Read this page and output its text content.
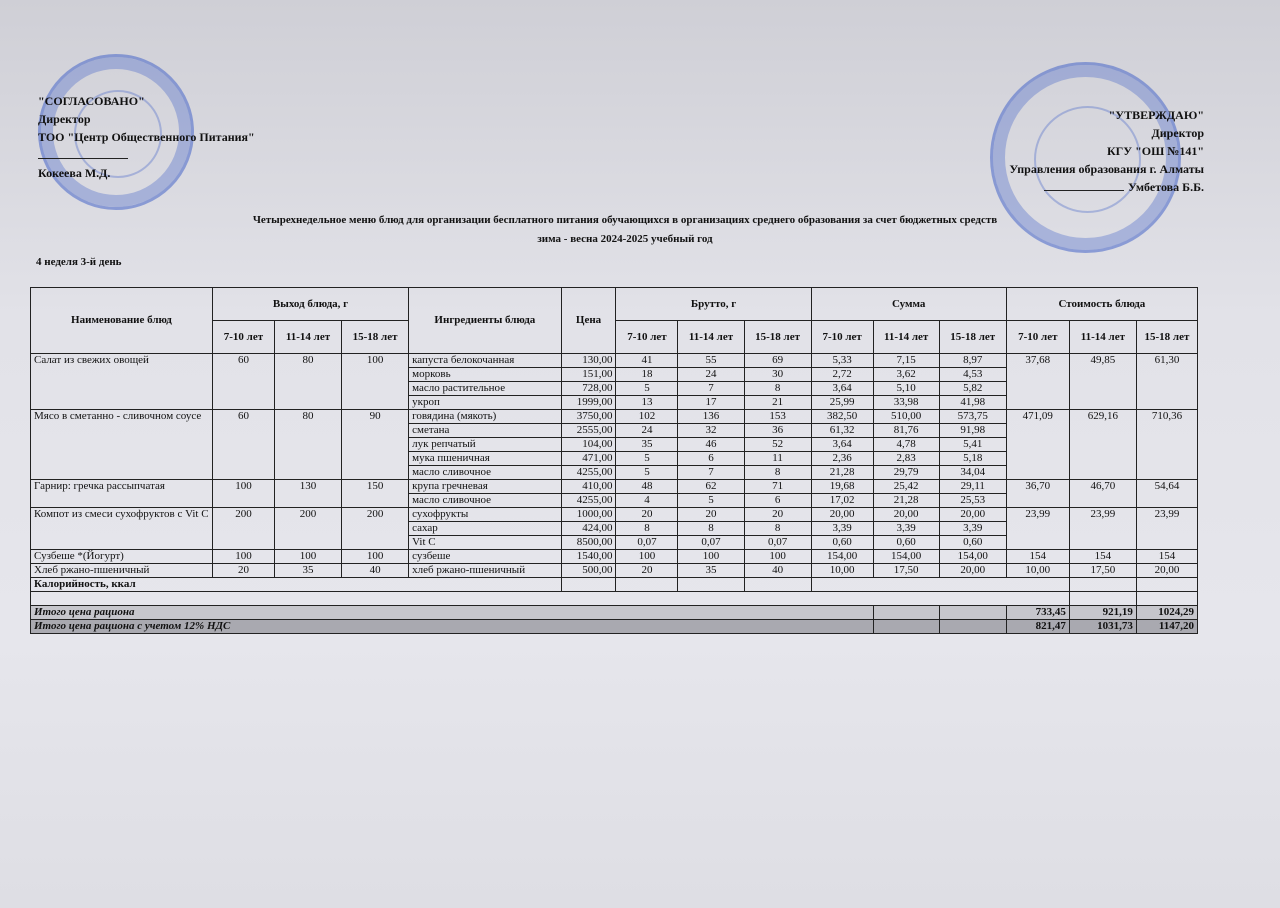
"СОГЛАСОВАНО"
Директор
ТОО "Центр Общественного Питания"
Кокеева М.Д.
"УТВЕРЖДАЮ"
Директор
КГУ "ОШ №141"
Управления образования г. Алматы
Умбетова Б.Б.
Четырехнедельное меню блюд для организации бесплатного питания обучающихся в организациях среднего образования за счет бюджетных средств
зима - весна 2024-2025 учебный год
4 неделя 3-й день
Наименование блюд	Выход блюда, г			Ингредиенты блюда	Цена	Брутто, г			Сумма			Стоимость блюда		
	7-10 лет	11-14 лет	15-18 лет			7-10 лет	11-14 лет	15-18 лет	7-10 лет	11-14 лет	15-18 лет	7-10 лет	11-14 лет	15-18 лет
Салат из свежих овощей	60	80	100	капуста белокочанная	130,00	41	55	69	5,33	7,15	8,97	37,68	49,85	61,30
				морковь	151,00	18	24	30	2,72	3,62	4,53			
				масло растительное	728,00	5	7	8	3,64	5,10	5,82			
				укроп	1999,00	13	17	21	25,99	33,98	41,98			
Мясо в сметанно - сливочном соусе	60	80	90	говядина (мякоть)	3750,00	102	136	153	382,50	510,00	573,75	471,09	629,16	710,36
				сметана	2555,00	24	32	36	61,32	81,76	91,98			
				лук репчатый	104,00	35	46	52	3,64	4,78	5,41			
				мука пшеничная	471,00	5	6	11	2,36	2,83	5,18			
				масло сливочное	4255,00	5	7	8	21,28	29,79	34,04			
Гарнир: гречка рассыпчатая	100	130	150	крупа гречневая	410,00	48	62	71	19,68	25,42	29,11	36,70	46,70	54,64
				масло сливочное	4255,00	4	5	6	17,02	21,28	25,53			
Компот из смеси сухофруктов с Vit C	200	200	200	сухофрукты	1000,00	20	20	20	20,00	20,00	20,00	23,99	23,99	23,99
				сахар	424,00	8	8	8	3,39	3,39	3,39			
				Vit C	8500,00	0,07	0,07	0,07	0,60	0,60	0,60			
Сузбеше *(Йогурт)	100	100	100	сузбеше	1540,00	100	100	100	154,00	154,00	154,00	154	154	154
Хлеб ржано-пшеничный	20	35	40	хлеб ржано-пшеничный	500,00	20	35	40	10,00	17,50	20,00	10,00	17,50	20,00
Калорийность, ккал														

Итого цена рациона												733,45	921,19	1024,29
Итого цена рациона с учетом 12% НДС												821,47	1031,73	1147,20
